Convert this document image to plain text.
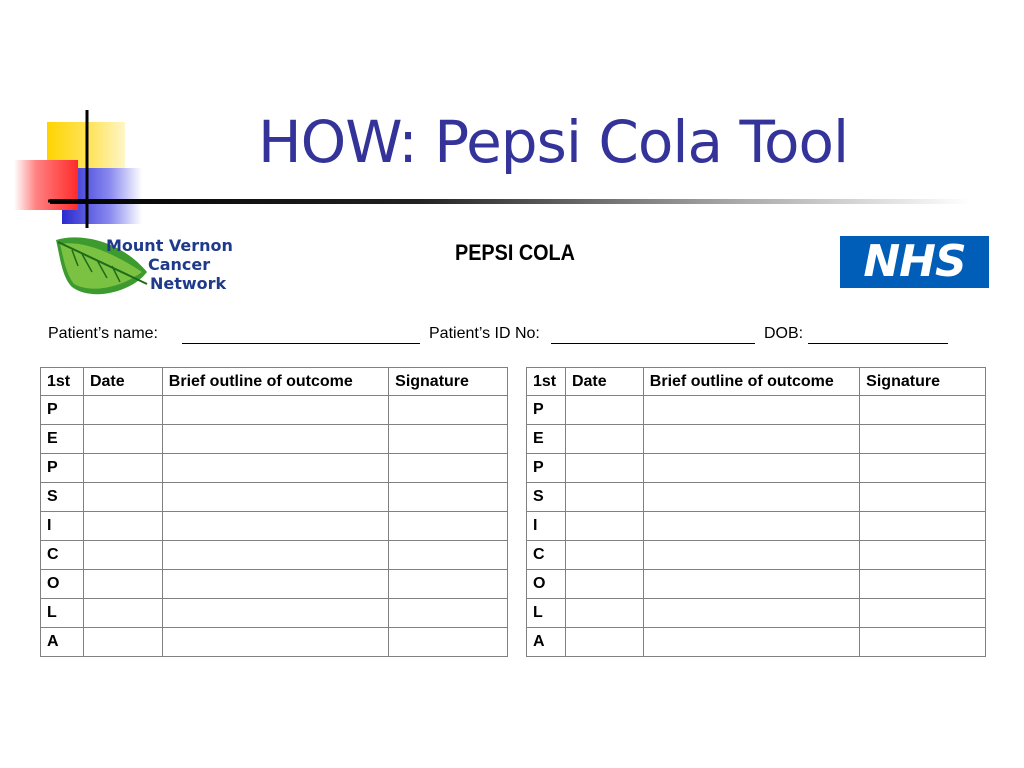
HOW: Pepsi Cola Tool
Mount Vernon
Cancer
Network
PEPSI COLA	NHS
Patient’s name:	Patient’s ID No:	DOB:
1st	Date	Brief outline of outcome	Signature
P			
E			
P			
S			
I			
C			
O			
L			
A			
1st	Date	Brief outline of outcome	Signature
P			
E			
P			
S			
I			
C			
O			
L			
A			
